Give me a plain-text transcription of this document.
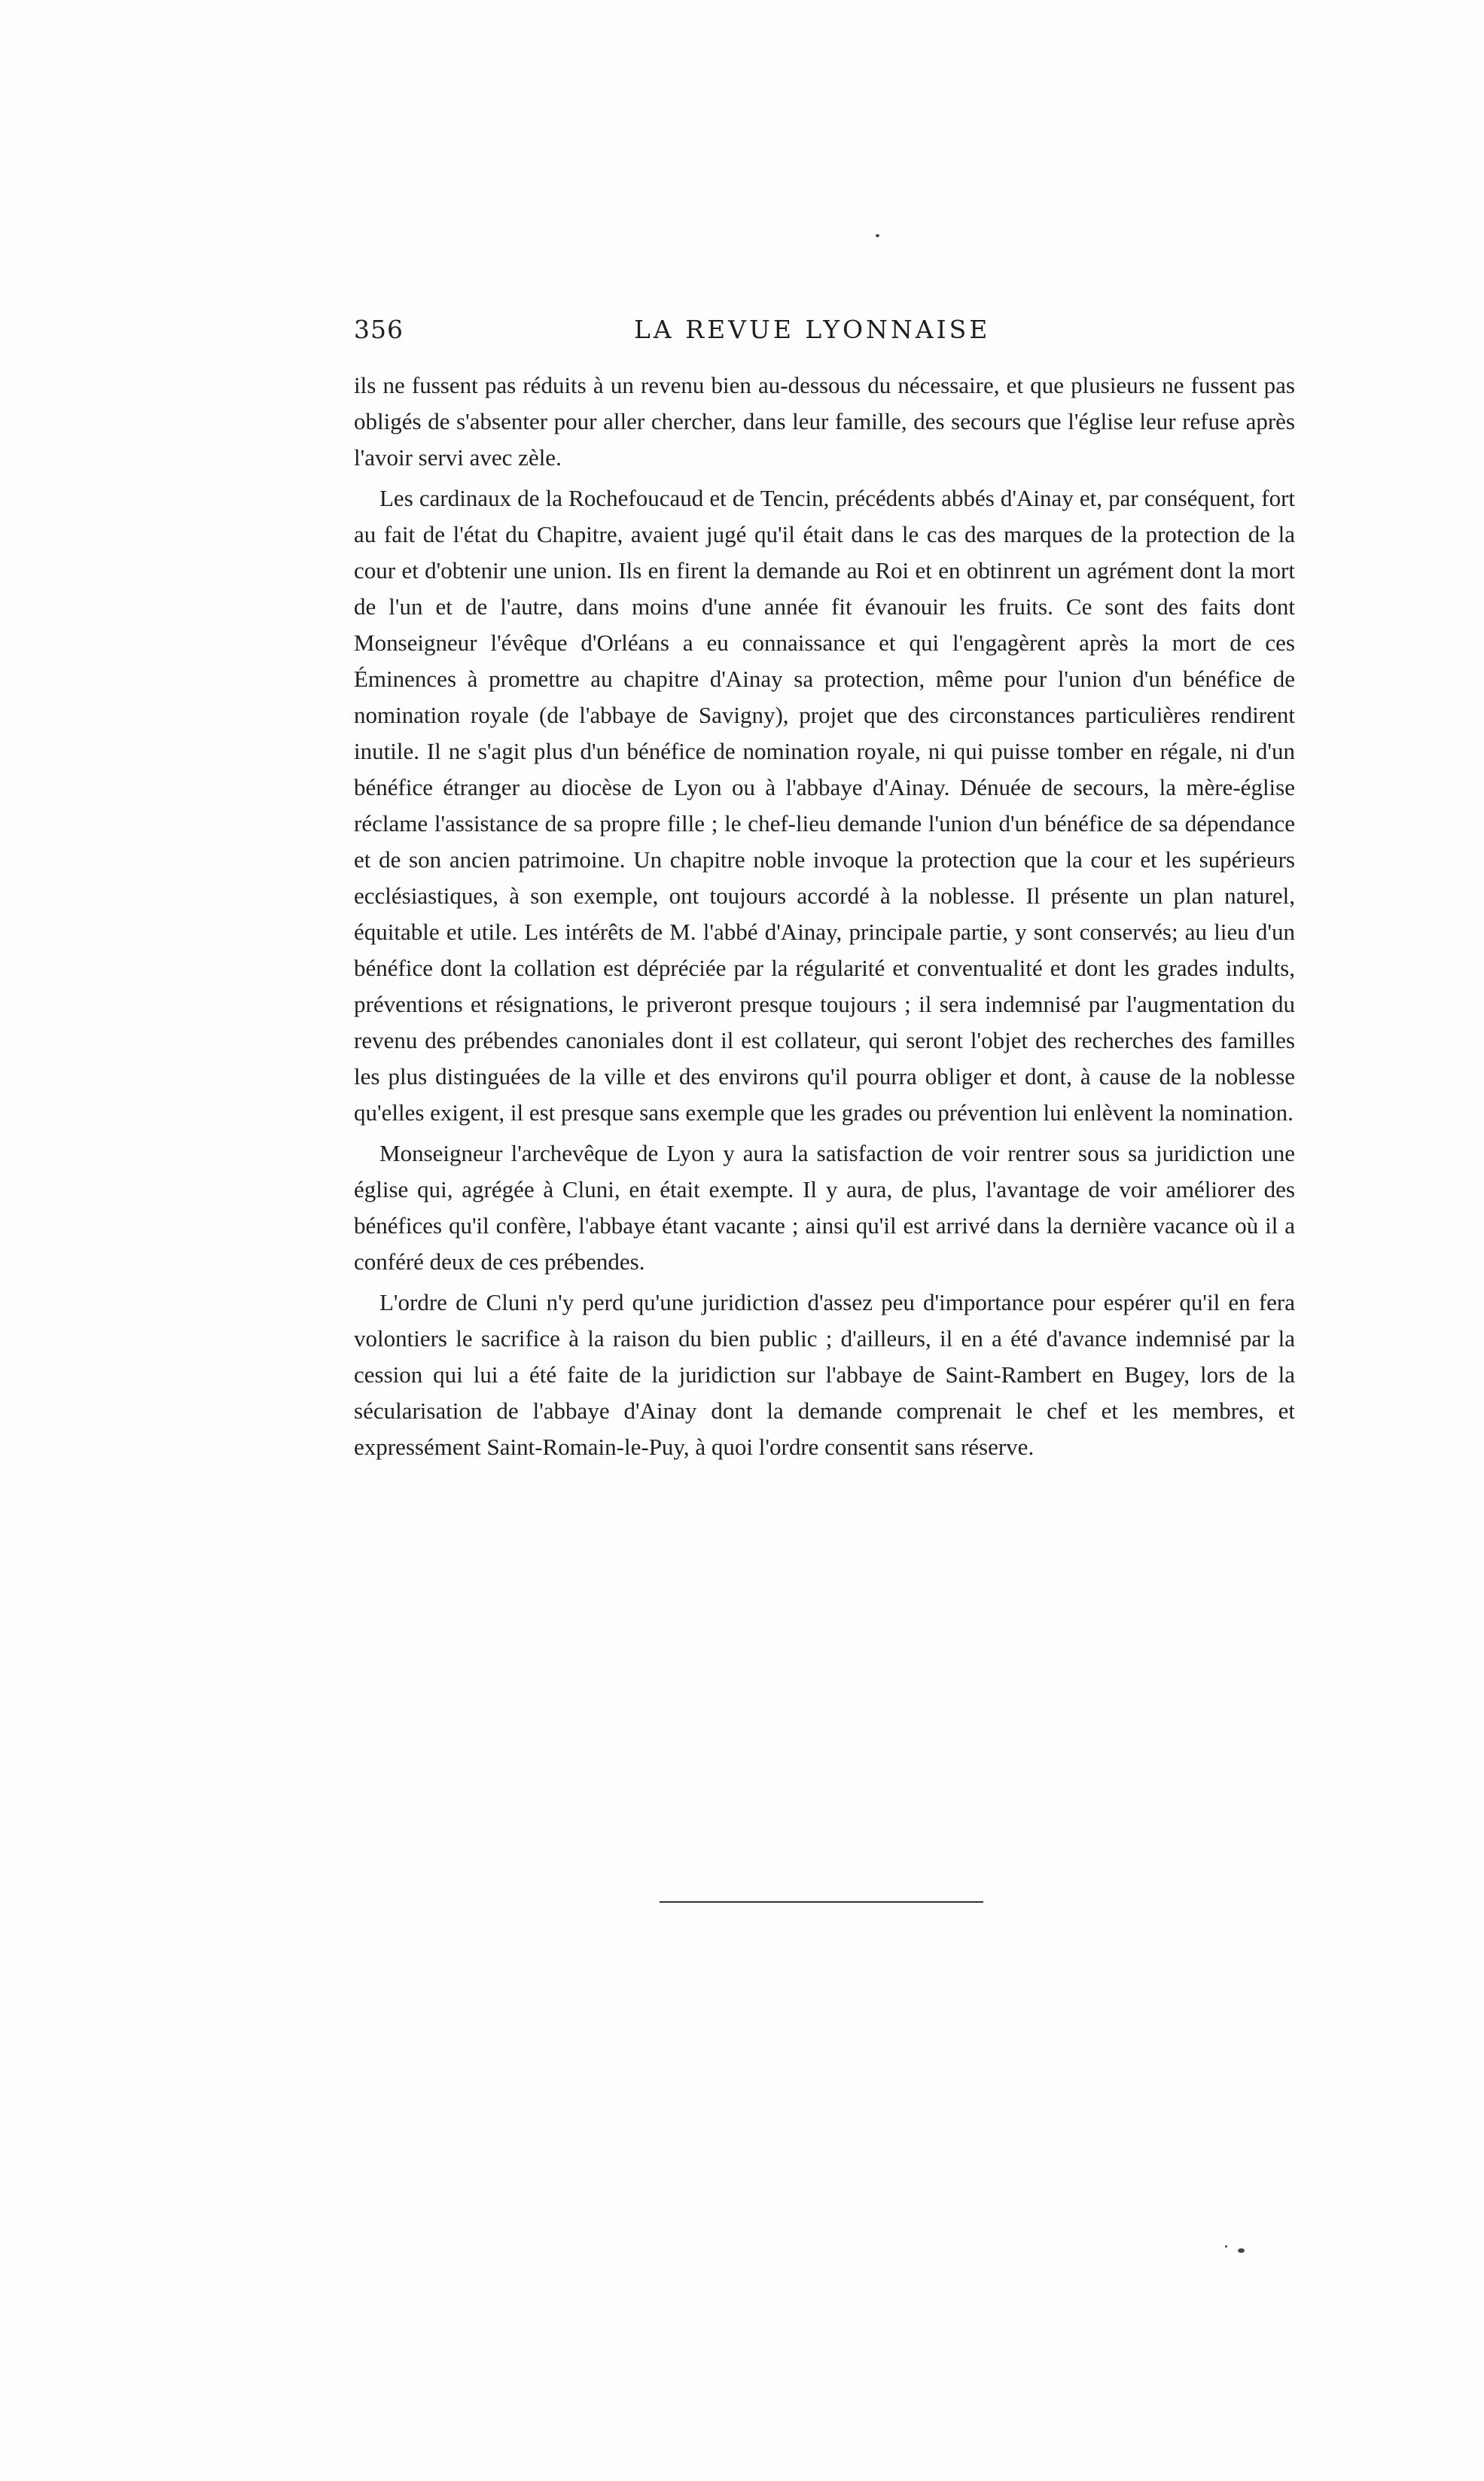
356	LA REVUE LYONNAISE

ils ne fussent pas réduits à un revenu bien au-dessous du nécessaire, et que plusieurs ne fussent pas obligés de s'absenter pour aller chercher, dans leur famille, des secours que l'église leur refuse après l'avoir servi avec zèle.

Les cardinaux de la Rochefoucaud et de Tencin, précédents abbés d'Ainay et, par conséquent, fort au fait de l'état du Chapitre, avaient jugé qu'il était dans le cas des marques de la protection de la cour et d'obtenir une union. Ils en firent la demande au Roi et en obtinrent un agrément dont la mort de l'un et de l'autre, dans moins d'une année fit évanouir les fruits. Ce sont des faits dont Monseigneur l'évêque d'Orléans a eu connaissance et qui l'engagèrent après la mort de ces Éminences à promettre au chapitre d'Ainay sa protection, même pour l'union d'un bénéfice de nomination royale (de l'abbaye de Savigny), projet que des circonstances particulières rendirent inutile. Il ne s'agit plus d'un bénéfice de nomination royale, ni qui puisse tomber en régale, ni d'un bénéfice étranger au diocèse de Lyon ou à l'abbaye d'Ainay. Dénuée de secours, la mère-église réclame l'assistance de sa propre fille ; le chef-lieu demande l'union d'un bénéfice de sa dépendance et de son ancien patrimoine. Un chapitre noble invoque la protection que la cour et les supérieurs ecclésiastiques, à son exemple, ont toujours accordé à la noblesse. Il présente un plan naturel, équitable et utile. Les intérêts de M. l'abbé d'Ainay, principale partie, y sont conservés; au lieu d'un bénéfice dont la collation est dépréciée par la régularité et conventualité et dont les grades indults, préventions et résignations, le priveront presque toujours ; il sera indemnisé par l'augmentation du revenu des prébendes canoniales dont il est collateur, qui seront l'objet des recherches des familles les plus distinguées de la ville et des environs qu'il pourra obliger et dont, à cause de la noblesse qu'elles exigent, il est presque sans exemple que les grades ou prévention lui enlèvent la nomination.

Monseigneur l'archevêque de Lyon y aura la satisfaction de voir rentrer sous sa juridiction une église qui, agrégée à Cluni, en était exempte. Il y aura, de plus, l'avantage de voir améliorer des bénéfices qu'il confère, l'abbaye étant vacante ; ainsi qu'il est arrivé dans la dernière vacance où il a conféré deux de ces prébendes.

L'ordre de Cluni n'y perd qu'une juridiction d'assez peu d'importance pour espérer qu'il en fera volontiers le sacrifice à la raison du bien public ; d'ailleurs, il en a été d'avance indemnisé par la cession qui lui a été faite de la juridiction sur l'abbaye de Saint-Rambert en Bugey, lors de la sécularisation de l'abbaye d'Ainay dont la demande comprenait le chef et les membres, et expressément Saint-Romain-le-Puy, à quoi l'ordre consentit sans réserve.
